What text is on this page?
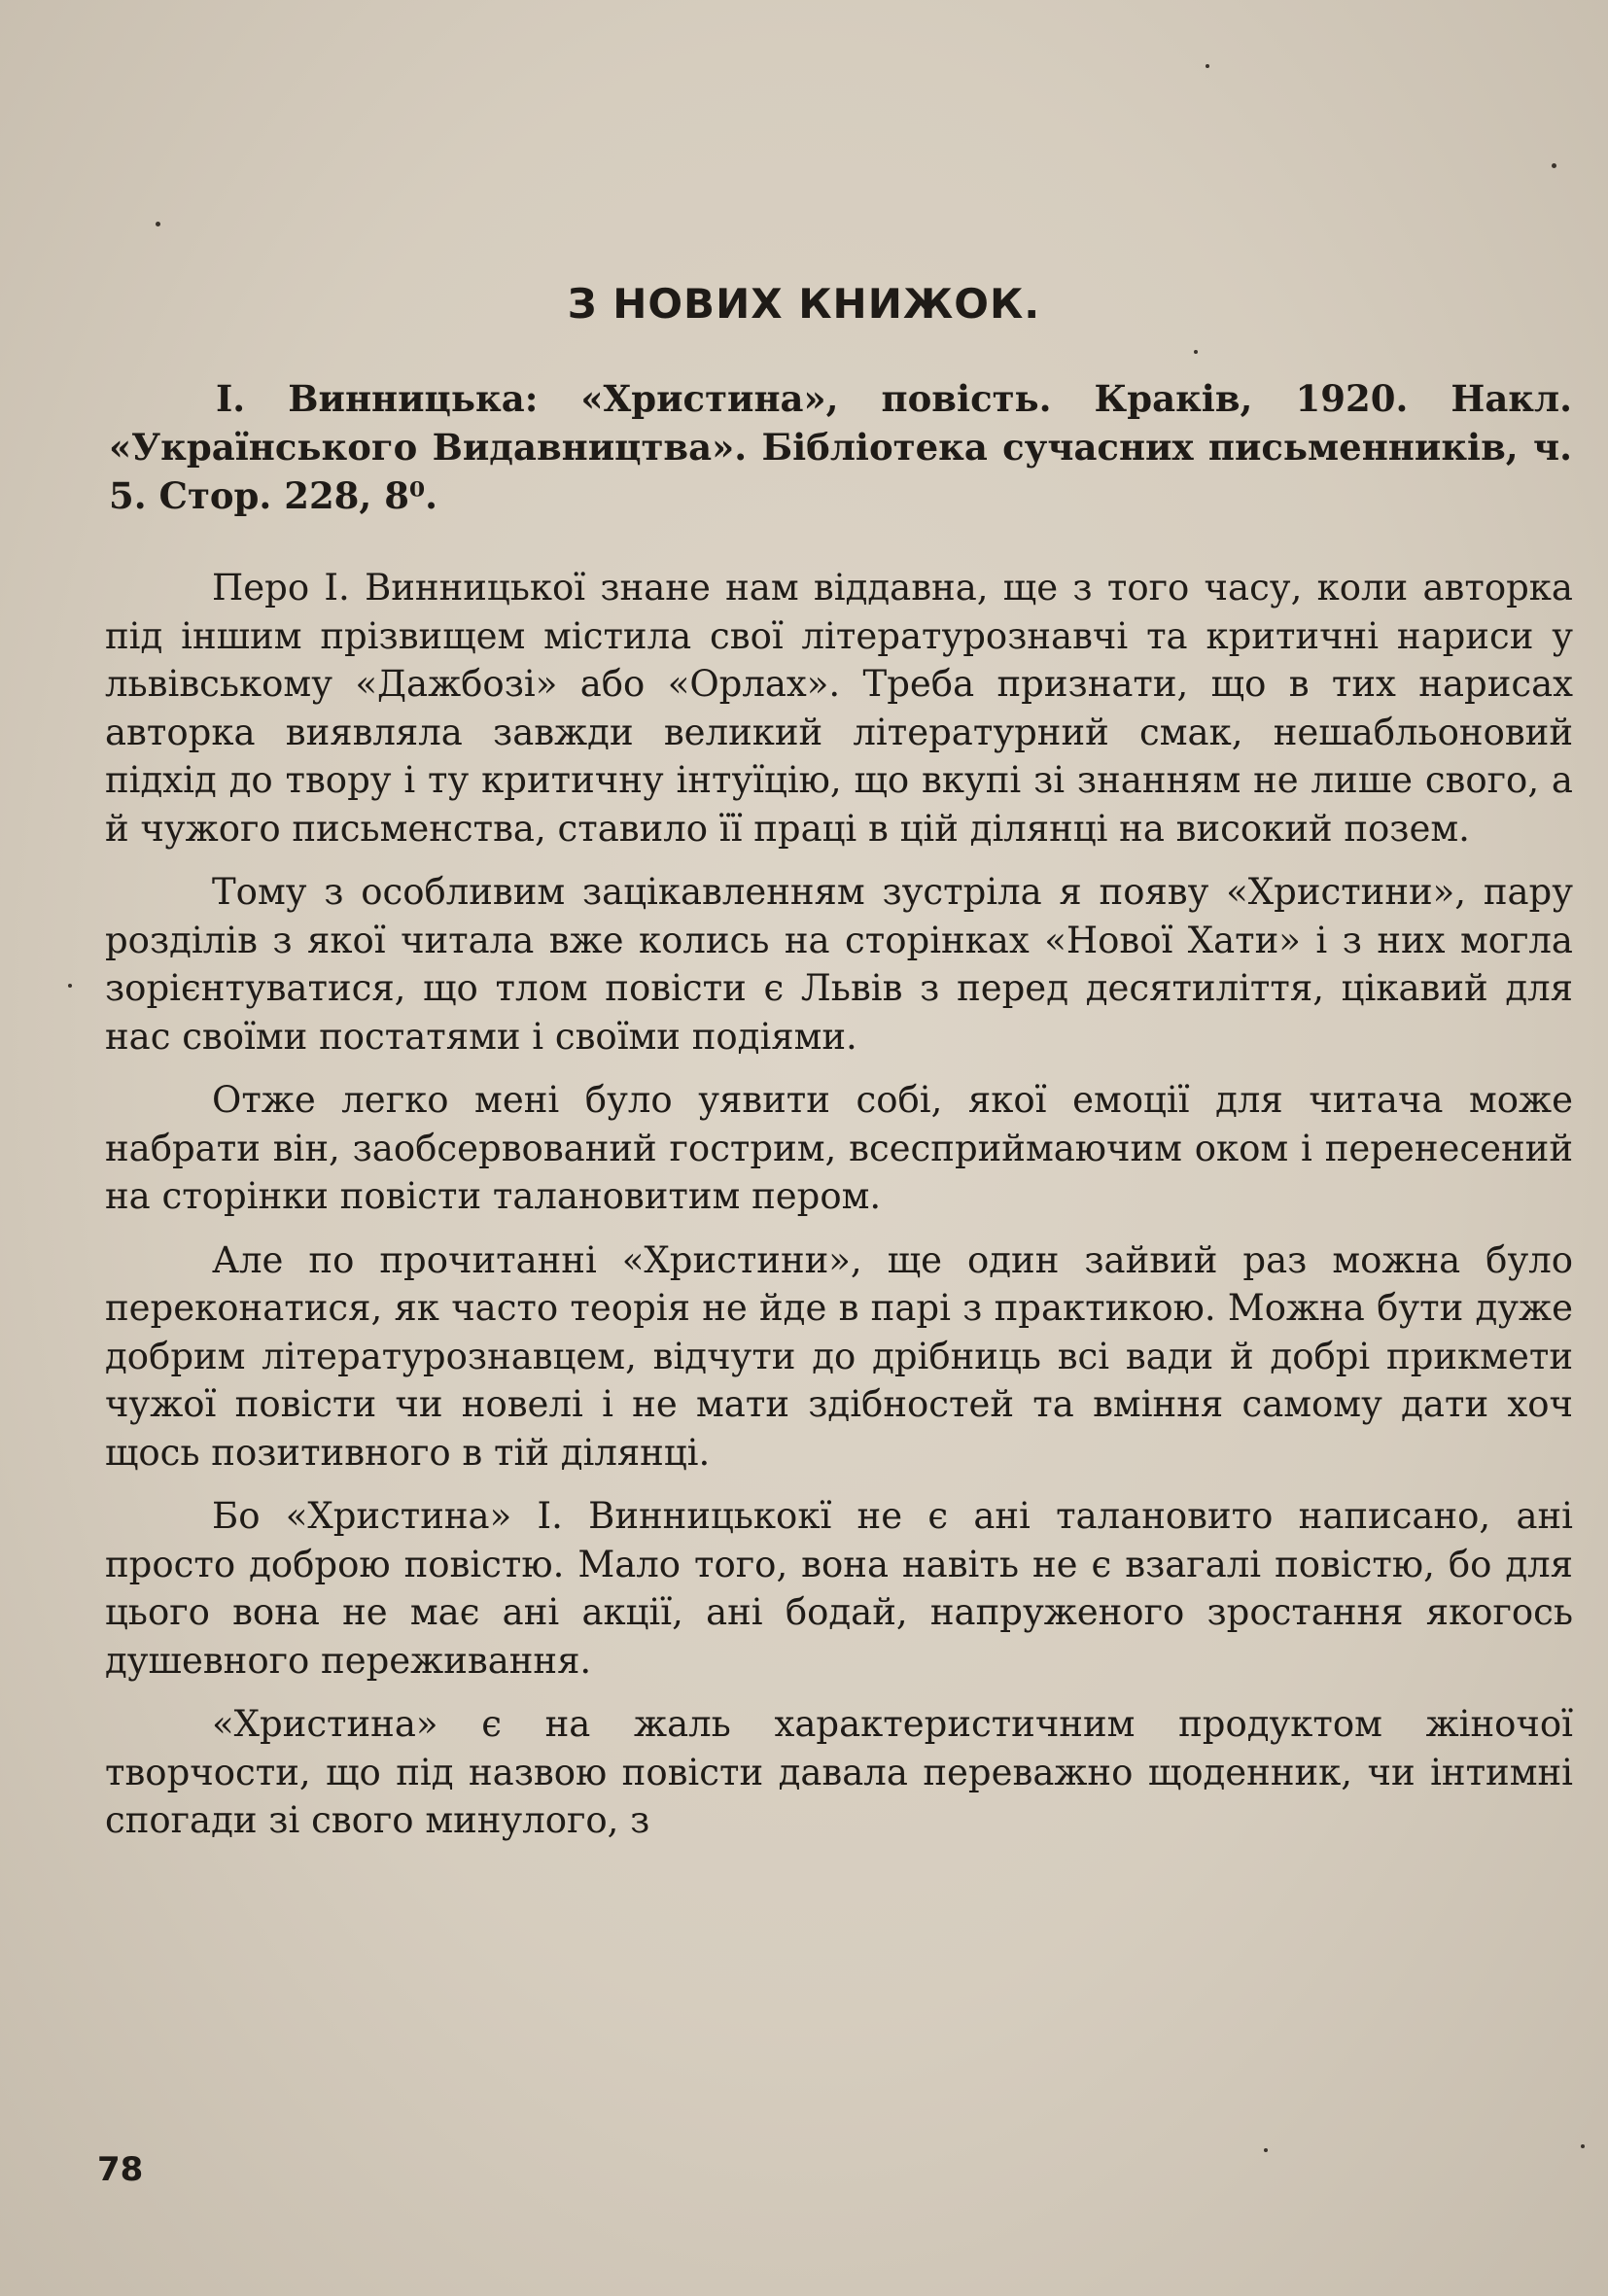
З НОВИХ КНИЖОК.

І. Винницька: «Христина», повість. Краків, 1920. Накл. «Українського Видавництва». Бібліотека сучасних письменників, ч. 5. Стор. 228, 8⁰.

Перо І. Винницької знане нам віддавна, ще з того часу, коли авторка під іншим прізвищем містила свої літературознавчі та критичні нариси у львівському «Дажбозі» або «Орлах». Треба признати, що в тих нарисах авторка виявляла завжди великий літературний смак, нешабльоновий підхід до твору і ту критичну інтуїцію, що вкупі зі знанням не лише свого, а й чужого письменства, ставило її праці в цій ділянці на високий позем.

Тому з особливим зацікавленням зустріла я появу «Христини», пару розділів з якої читала вже колись на сторінках «Нової Хати» і з них могла зорієнтуватися, що тлом повісти є Львів з перед десятиліття, цікавий для нас своїми постатями і своїми подіями.

Отже легко мені було уявити собі, якої емоції для читача може набрати він, заобсервований гострим, всесприймаючим оком і перенесений на сторінки повісти талановитим пером.

Але по прочитанні «Христини», ще один зайвий раз можна було переконатися, як часто теорія не йде в парі з практикою. Можна бути дуже добрим літературознавцем, відчути до дрібниць всі вади й добрі прикмети чужої повісти чи новелі і не мати здібностей та вміння самому дати хоч щось позитивного в тій ділянці.

Бо «Христина» І. Винницькокї не є ані талановито написано, ані просто доброю повістю. Мало того, вона навіть не є взагалі повістю, бо для цього вона не має ані акції, ані бодай, напруженого зростання якогось душевного переживання.

«Христина» є на жаль характеристичним продуктом жіночої творчости, що під назвою повісти давала переважно щоденник, чи інтимні спогади зі свого минулого, з

78
